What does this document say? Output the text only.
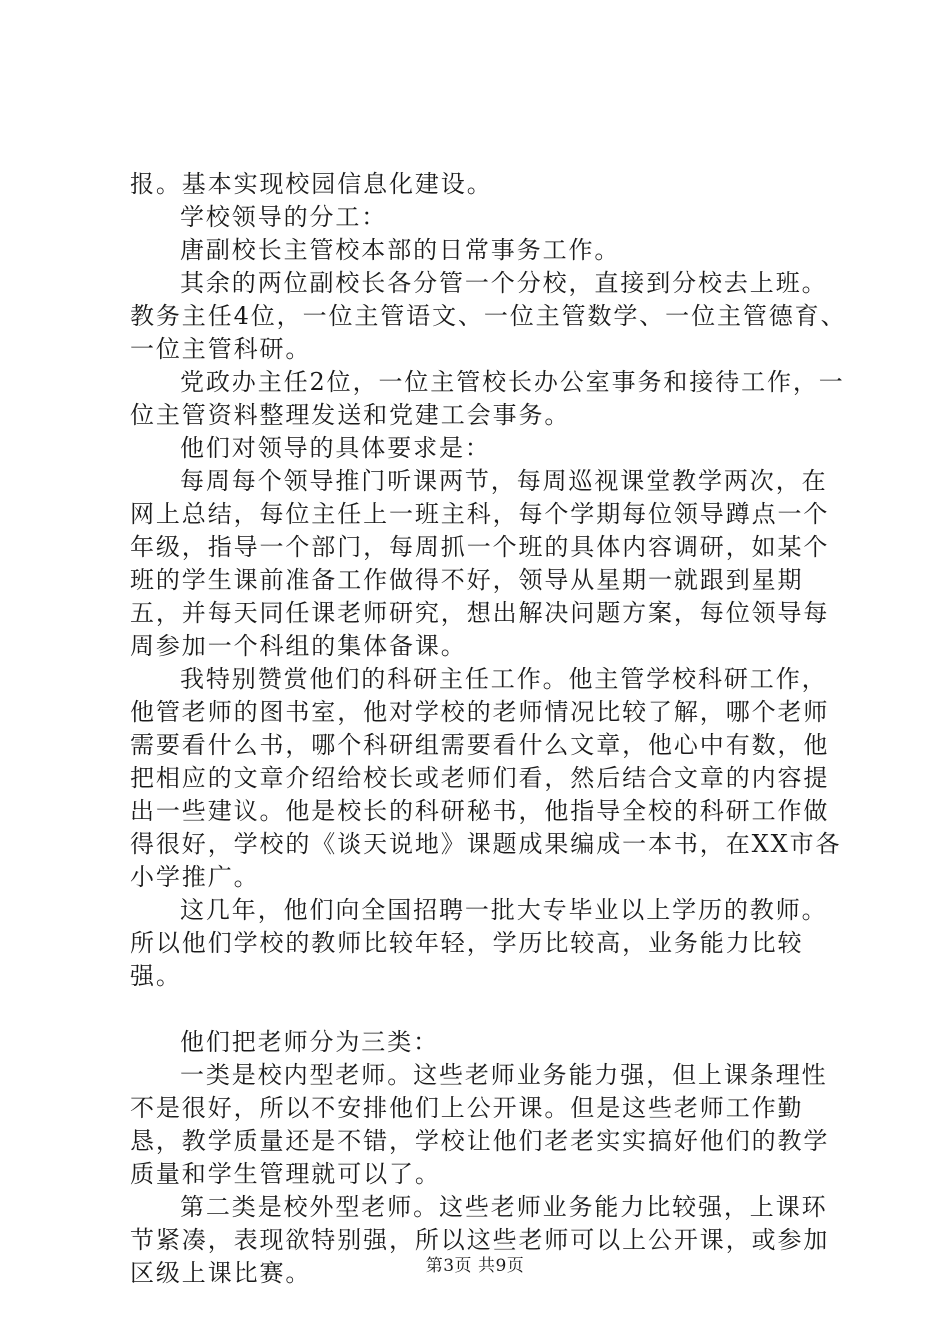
报。基本实现校园信息化建设。

学校领导的分工：

唐副校长主管校本部的日常事务工作。

其余的两位副校长各分管一个分校，直接到分校去上班。教务主任4位，一位主管语文、一位主管数学、一位主管德育、一位主管科研。

党政办主任2位，一位主管校长办公室事务和接待工作，一位主管资料整理发送和党建工会事务。

他们对领导的具体要求是：

每周每个领导推门听课两节，每周巡视课堂教学两次，在网上总结，每位主任上一班主科，每个学期每位领导蹲点一个年级，指导一个部门，每周抓一个班的具体内容调研，如某个班的学生课前准备工作做得不好，领导从星期一就跟到星期五，并每天同任课老师研究，想出解决问题方案，每位领导每周参加一个科组的集体备课。

我特别赞赏他们的科研主任工作。他主管学校科研工作，他管老师的图书室，他对学校的老师情况比较了解，哪个老师需要看什么书，哪个科研组需要看什么文章，他心中有数，他把相应的文章介绍给校长或老师们看，然后结合文章的内容提出一些建议。他是校长的科研秘书，他指导全校的科研工作做得很好，学校的《谈天说地》课题成果编成一本书，在XX市各小学推广。

这几年，他们向全国招聘一批大专毕业以上学历的教师。所以他们学校的教师比较年轻，学历比较高，业务能力比较强。

他们把老师分为三类：

一类是校内型老师。这些老师业务能力强，但上课条理性不是很好，所以不安排他们上公开课。但是这些老师工作勤恳，教学质量还是不错，学校让他们老老实实搞好他们的教学质量和学生管理就可以了。

第二类是校外型老师。这些老师业务能力比较强，上课环节紧凑，表现欲特别强，所以这些老师可以上公开课，或参加区级上课比赛。	第3页 共9页
